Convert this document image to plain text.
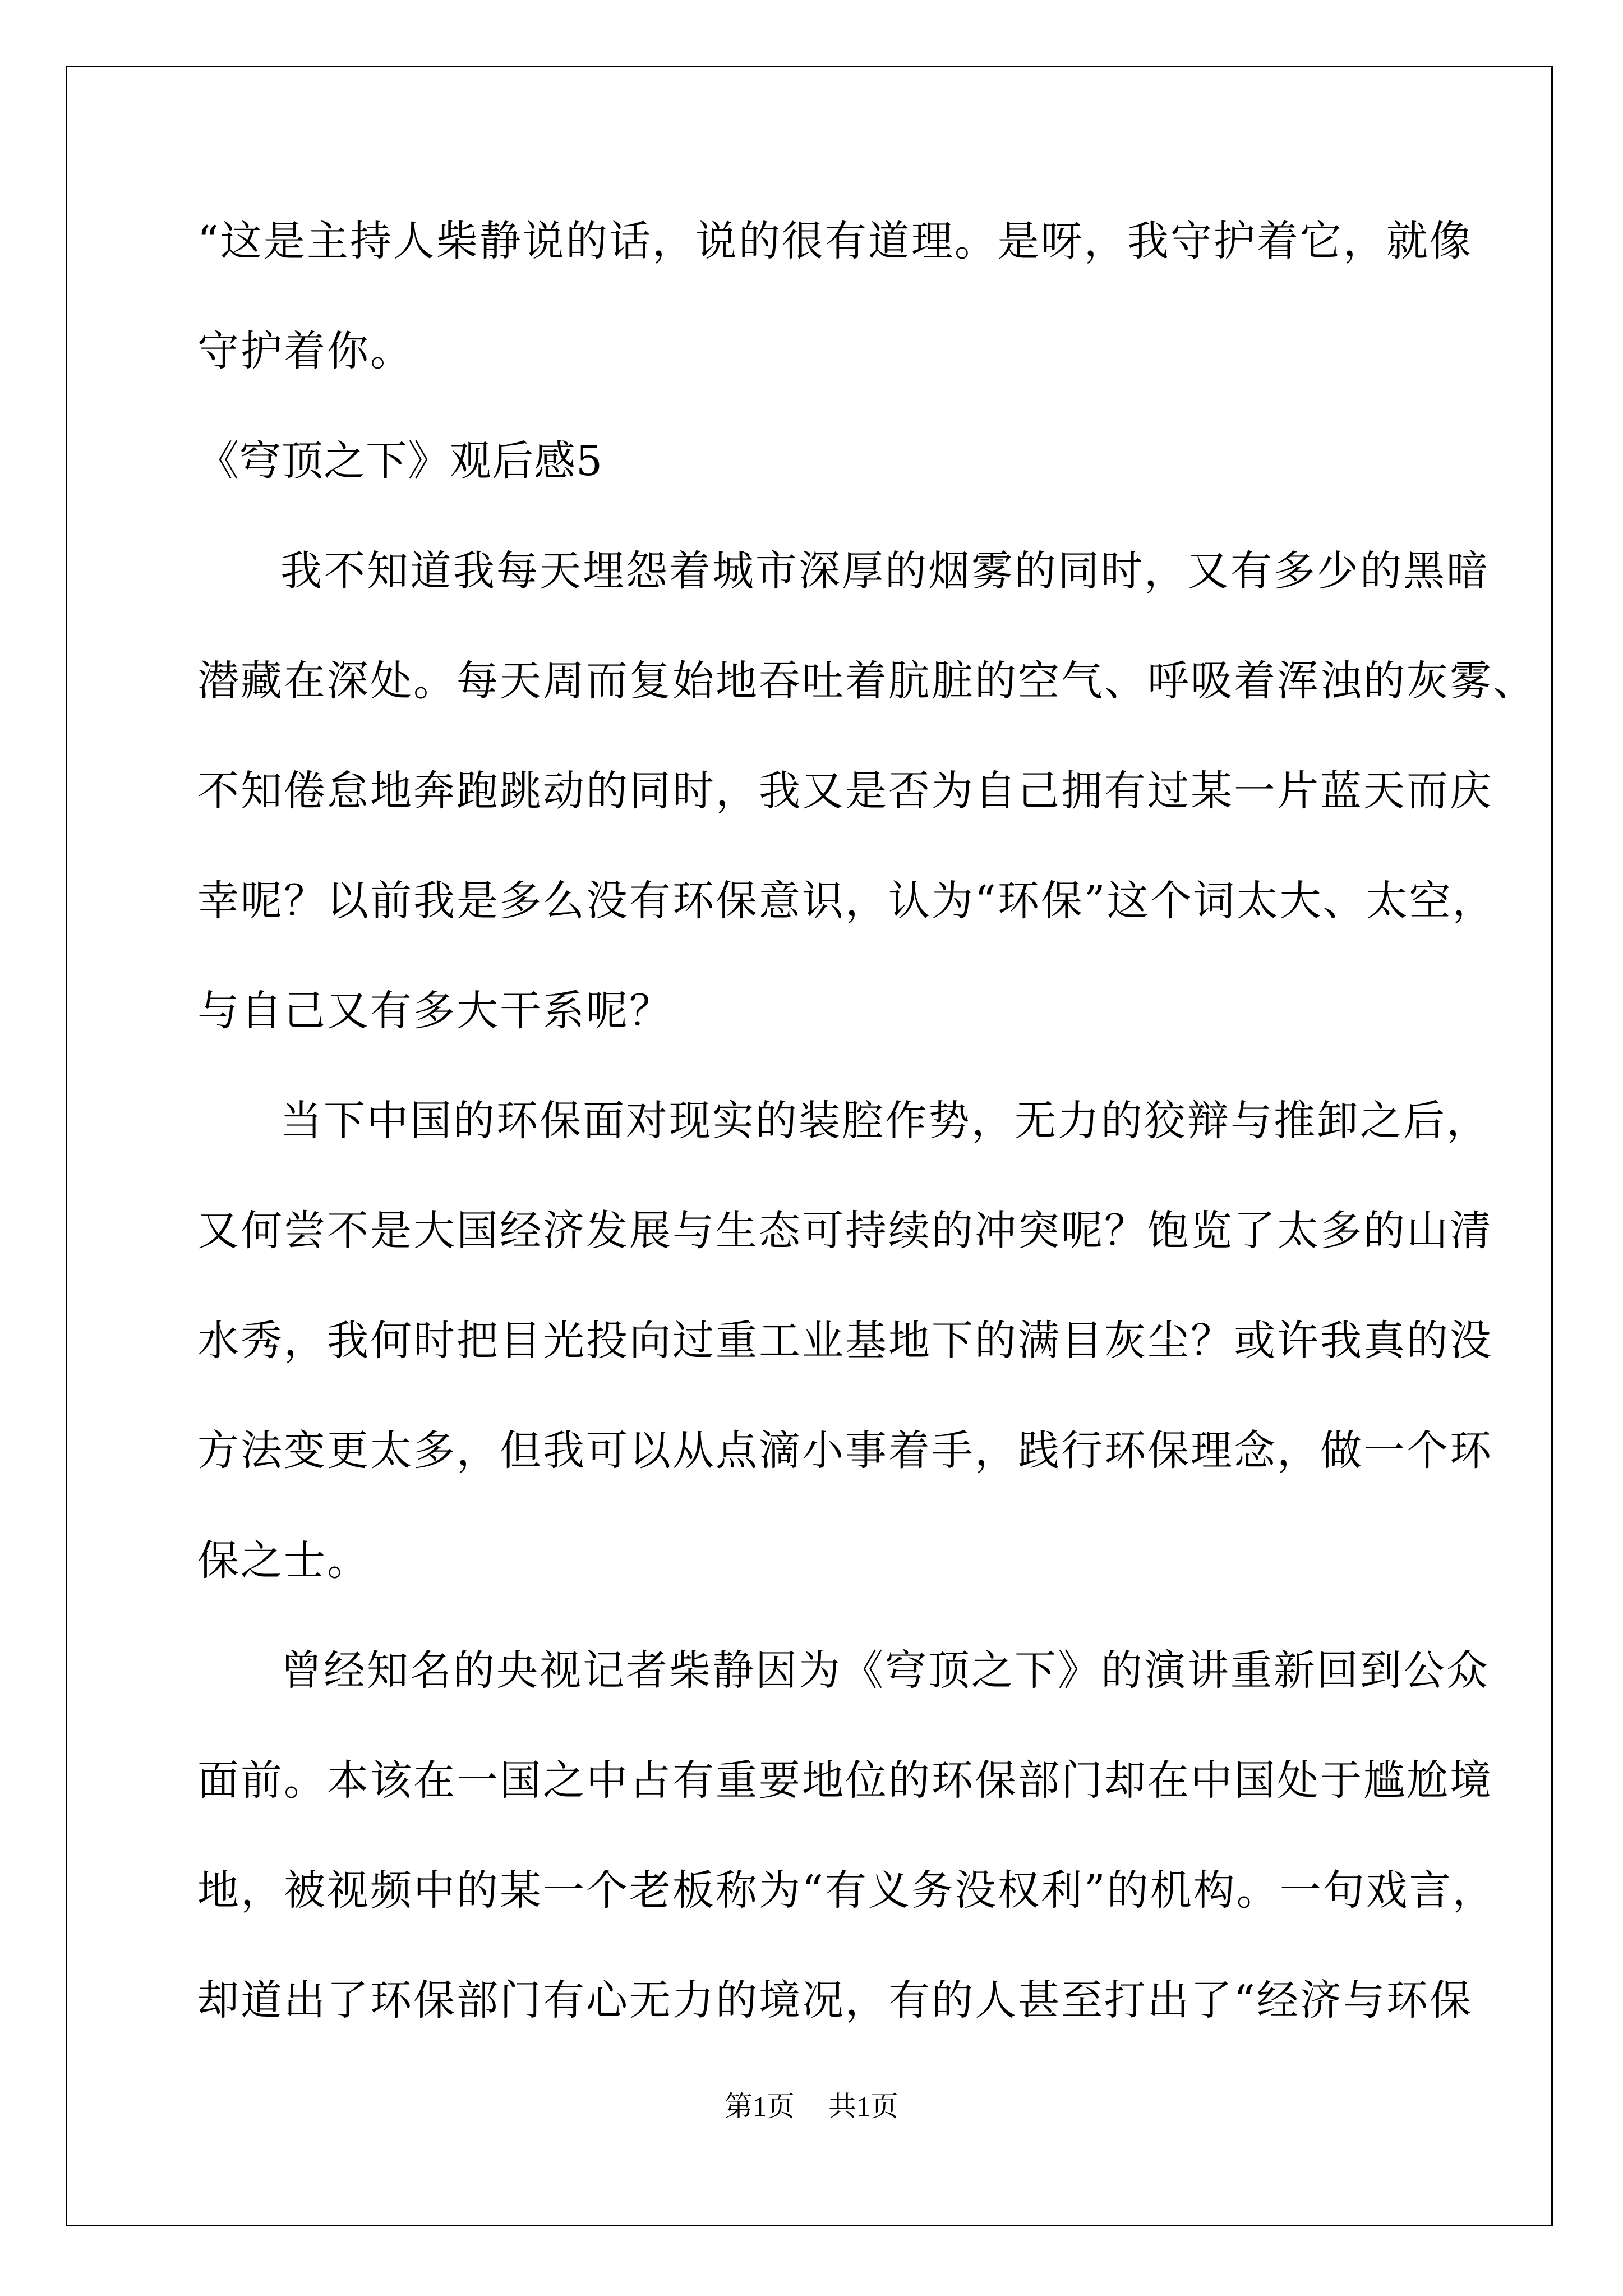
“这是主持人柴静说的话，说的很有道理。是呀，我守护着它，就像
守护着你。
《穹顶之下》观后感5
我不知道我每天埋怨着城市深厚的烟雾的同时，又有多少的黑暗
潜藏在深处。每天周而复始地吞吐着肮脏的空气、呼吸着浑浊的灰雾、
不知倦怠地奔跑跳动的同时，我又是否为自己拥有过某一片蓝天而庆
幸呢？以前我是多么没有环保意识，认为“环保”这个词太大、太空，
与自己又有多大干系呢？
当下中国的环保面对现实的装腔作势，无力的狡辩与推卸之后，
又何尝不是大国经济发展与生态可持续的冲突呢？饱览了太多的山清
水秀，我何时把目光投向过重工业基地下的满目灰尘？或许我真的没
方法变更太多，但我可以从点滴小事着手，践行环保理念，做一个环
保之士。
曾经知名的央视记者柴静因为《穹顶之下》的演讲重新回到公众
面前。本该在一国之中占有重要地位的环保部门却在中国处于尴尬境
地，被视频中的某一个老板称为“有义务没权利”的机构。一句戏言，
却道出了环保部门有心无力的境况，有的人甚至打出了“经济与环保
第1页 共1页
